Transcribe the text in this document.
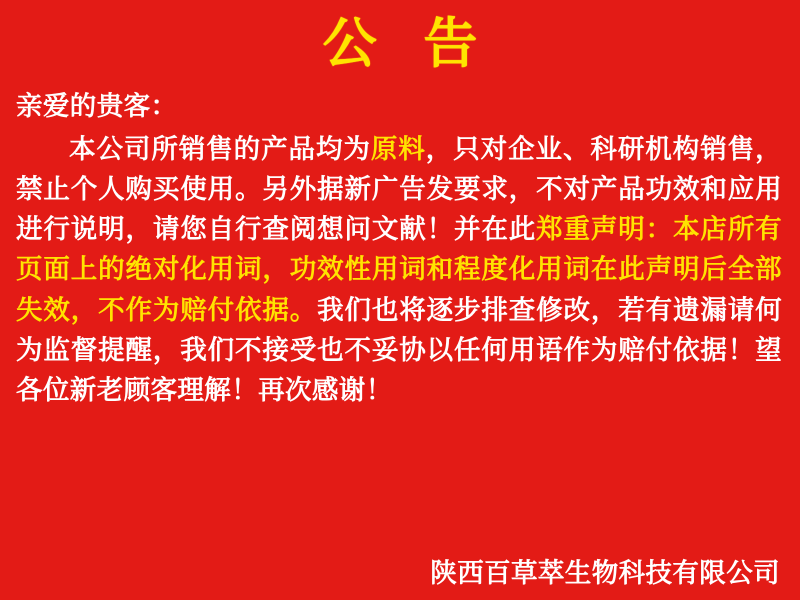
公 告
亲爱的贵客：
本公司所销售的产品均为原料，只对企业、科研机构销售，禁止个人购买使用。另外据新广告发要求，不对产品功效和应用进行说明，请您自行查阅想问文献！并在此郑重声明：本店所有页面上的绝对化用词，功效性用词和程度化用词在此声明后全部失效，不作为赔付依据。我们也将逐步排查修改，若有遗漏请何为监督提醒，我们不接受也不妥协以任何用语作为赔付依据！望各位新老顾客理解！再次感谢！
陕西百草萃生物科技有限公司
